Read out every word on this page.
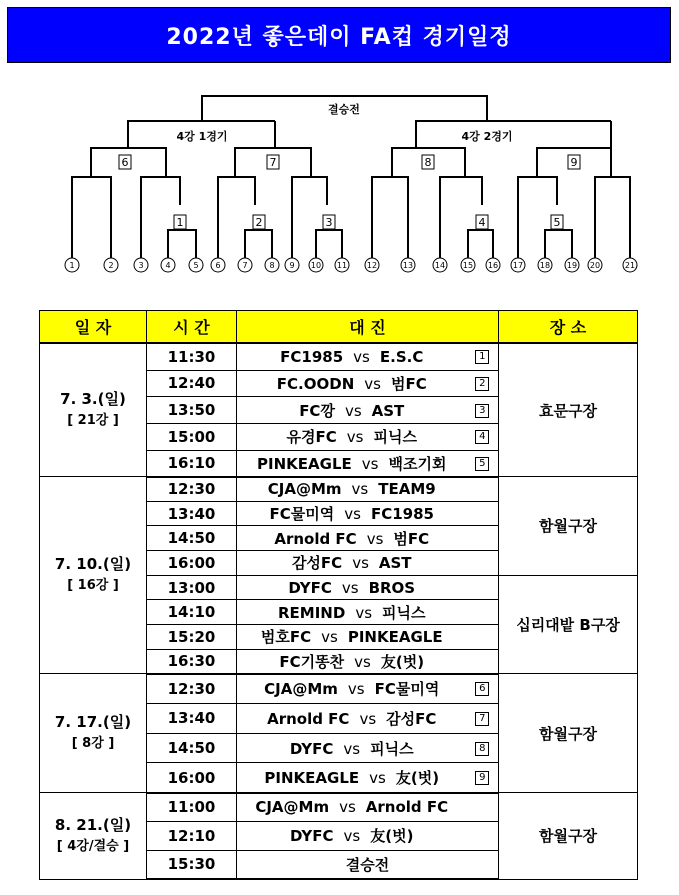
2022년 좋은데이 FA컵 경기일정
결승전
4강 1경기	4강 2경기
6	7	8	9
1	2	3	4	5
1	2	3	4	5 6	7	8 9 10 11 12	13	14 15 16 17 18 19 20	21
일 자	시 간	대 진		장 소

7. 3.(일)
[ 21강 ]	11:30	FC1985 vs E.S.C	1	효문구장
	12:40	FC.OODN vs 범FC	2	
	13:50	FC깡 vs AST	3	
	15:00	유경FC vs 피닉스	4	
	16:10	PINKEAGLE vs 백조기회	5	

7. 10.(일)
[ 16강 ]	12:30	CJA@Mm vs TEAM9		함월구장
	13:40	FC물미역 vs FC1985		
	14:50	Arnold FC vs 범FC		
	16:00	감성FC vs AST		
	13:00	DYFC vs BROS		십리대밭 B구장
	14:10	REMIND vs 피닉스		
	15:20	범호FC vs PINKEAGLE		
	16:30	FC기똥찬 vs 友(벗)		

7. 17.(일)
[ 8강 ]	12:30	CJA@Mm vs FC물미역	6	함월구장
	13:40	Arnold FC vs 감성FC	7	
	14:50	DYFC vs 피닉스	8	
	16:00	PINKEAGLE vs 友(벗)	9	

8. 21.(일)
[ 4강/결승 ]	11:00	CJA@Mm vs Arnold FC		함월구장
	12:10	DYFC vs 友(벗)		
	15:30	결승전		
